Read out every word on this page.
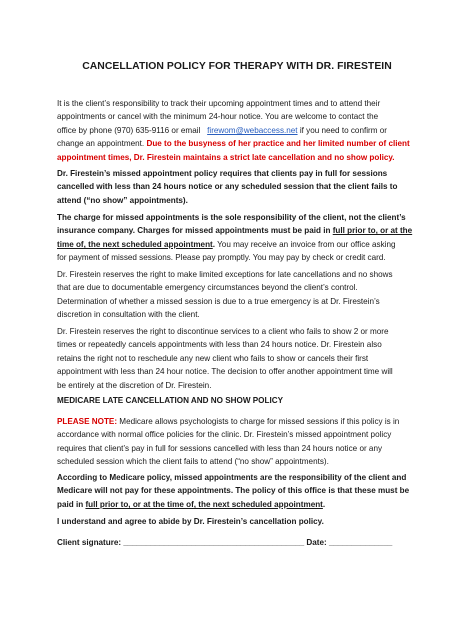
CANCELLATION POLICY FOR THERAPY WITH DR. FIRESTEIN

It is the client’s responsibility to track their upcoming appointment times and to attend their
appointments or cancel with the minimum 24-hour notice. You are welcome to contact the
office by phone (970) 635-9116 or email firewom@webaccess.net if you need to confirm or
change an appointment. Due to the busyness of her practice and her limited number of client
appointment times, Dr. Firestein maintains a strict late cancellation and no show policy.

Dr. Firestein’s missed appointment policy requires that clients pay in full for sessions
cancelled with less than 24 hours notice or any scheduled session that the client fails to
attend (“no show” appointments).

The charge for missed appointments is the sole responsibility of the client, not the client’s
insurance company. Charges for missed appointments must be paid in full prior to, or at the
time of, the next scheduled appointment. You may receive an invoice from our office asking
for payment of missed sessions. Please pay promptly. You may pay by check or credit card.

Dr. Firestein reserves the right to make limited exceptions for late cancellations and no shows
that are due to documentable emergency circumstances beyond the client’s control.
Determination of whether a missed session is due to a true emergency is at Dr. Firestein’s
discretion in consultation with the client.

Dr. Firestein reserves the right to discontinue services to a client who fails to show 2 or more
times or repeatedly cancels appointments with less than 24 hours notice. Dr. Firestein also
retains the right not to reschedule any new client who fails to show or cancels their first
appointment with less than 24 hour notice. The decision to offer another appointment time will
be entirely at the discretion of Dr. Firestein.

MEDICARE LATE CANCELLATION AND NO SHOW POLICY

PLEASE NOTE: Medicare allows psychologists to charge for missed sessions if this policy is in
accordance with normal office policies for the clinic. Dr. Firestein’s missed appointment policy
requires that client’s pay in full for sessions cancelled with less than 24 hours notice or any
scheduled session which the client fails to attend (“no show” appointments).

According to Medicare policy, missed appointments are the responsibility of the client and
Medicare will not pay for these appointments. The policy of this office is that these must be
paid in full prior to, or at the time of, the next scheduled appointment.

I understand and agree to abide by Dr. Firestein’s cancellation policy.

Client signature: ________________________________________ Date: ______________
